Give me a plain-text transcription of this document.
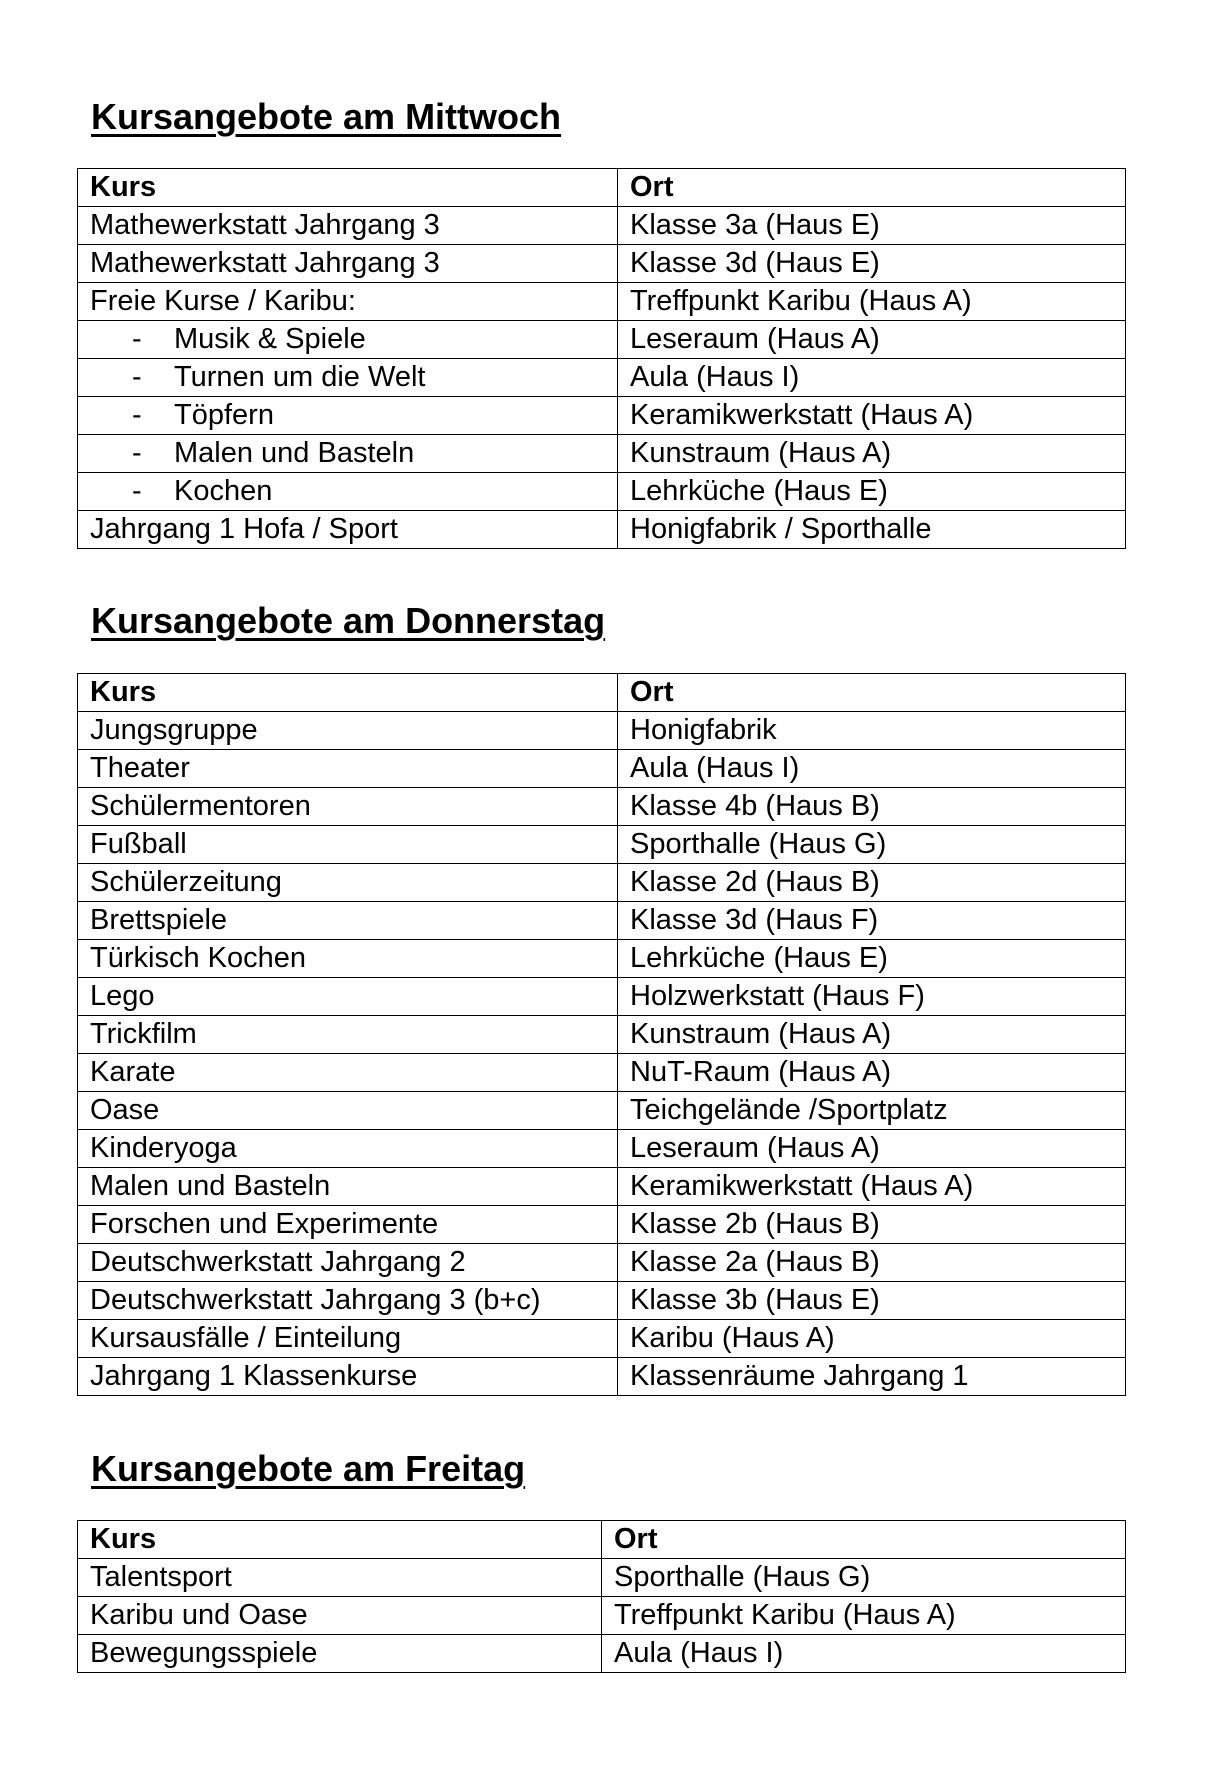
Kursangebote am Mittwoch
Kurs	Ort
Mathewerkstatt Jahrgang 3	Klasse 3a (Haus E)
Mathewerkstatt Jahrgang 3	Klasse 3d (Haus E)
Freie Kurse / Karibu:	Treffpunkt Karibu (Haus A)
- Musik & Spiele	Leseraum (Haus A)
- Turnen um die Welt	Aula (Haus I)
- Töpfern	Keramikwerkstatt (Haus A)
- Malen und Basteln	Kunstraum (Haus A)
- Kochen	Lehrküche (Haus E)
Jahrgang 1 Hofa / Sport	Honigfabrik / Sporthalle
Kursangebote am Donnerstag
Kurs	Ort
Jungsgruppe	Honigfabrik
Theater	Aula (Haus I)
Schülermentoren	Klasse 4b (Haus B)
Fußball	Sporthalle (Haus G)
Schülerzeitung	Klasse 2d (Haus B)
Brettspiele	Klasse 3d (Haus F)
Türkisch Kochen	Lehrküche (Haus E)
Lego	Holzwerkstatt (Haus F)
Trickfilm	Kunstraum (Haus A)
Karate	NuT-Raum (Haus A)
Oase	Teichgelände /Sportplatz
Kinderyoga	Leseraum (Haus A)
Malen und Basteln	Keramikwerkstatt (Haus A)
Forschen und Experimente	Klasse 2b (Haus B)
Deutschwerkstatt Jahrgang 2	Klasse 2a (Haus B)
Deutschwerkstatt Jahrgang 3 (b+c)	Klasse 3b (Haus E)
Kursausfälle / Einteilung	Karibu (Haus A)
Jahrgang 1 Klassenkurse	Klassenräume Jahrgang 1
Kursangebote am Freitag
Kurs	Ort
Talentsport	Sporthalle (Haus G)
Karibu und Oase	Treffpunkt Karibu (Haus A)
Bewegungsspiele	Aula (Haus I)
